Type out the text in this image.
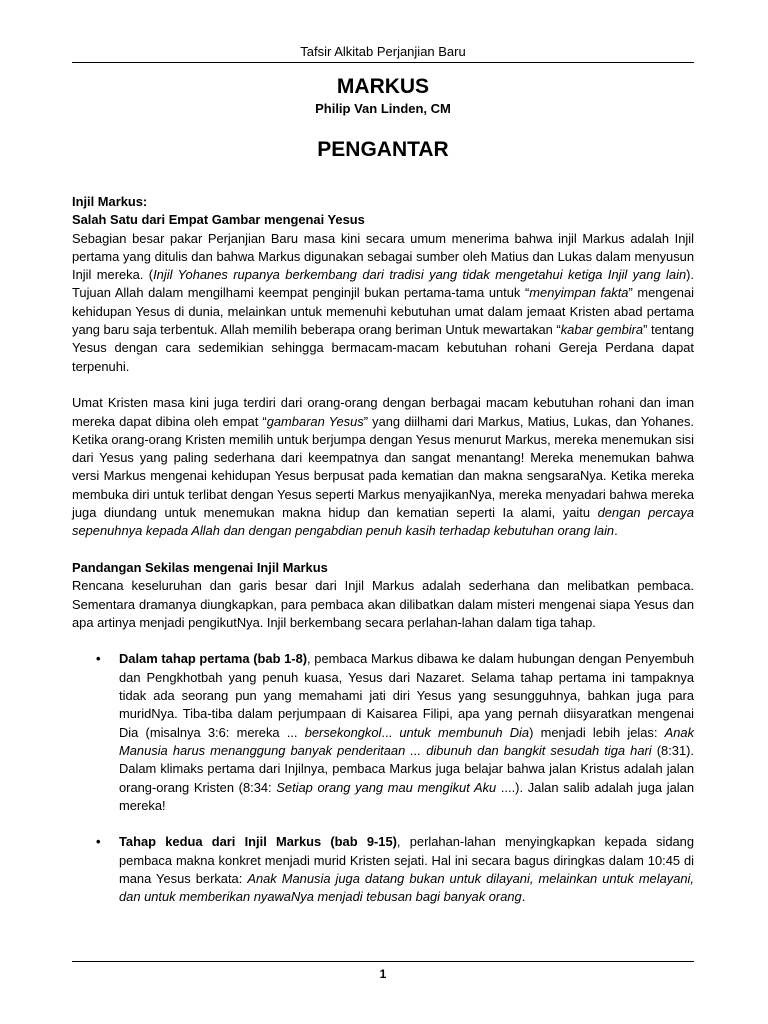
Tafsir Alkitab Perjanjian Baru
MARKUS
Philip Van Linden, CM
PENGANTAR

Injil Markus:

Salah Satu dari Empat Gambar mengenai Yesus

Sebagian besar pakar Perjanjian Baru masa kini secara umum menerima bahwa injil Markus adalah Injil pertama yang ditulis dan bahwa Markus digunakan sebagai sumber oleh Matius dan Lukas dalam menyusun Injil mereka. (Injil Yohanes rupanya berkembang dari tradisi yang tidak mengetahui ketiga Injil yang lain). Tujuan Allah dalam mengilhami keempat penginjil bukan pertama-tama untuk “menyimpan fakta” mengenai kehidupan Yesus di dunia, melainkan untuk memenuhi kebutuhan umat dalam jemaat Kristen abad pertama yang baru saja terbentuk. Allah memilih beberapa orang beriman Untuk mewartakan “kabar gembira” tentang Yesus dengan cara sedemikian sehingga bermacam-macam kebutuhan rohani Gereja Perdana dapat terpenuhi.

Umat Kristen masa kini juga terdiri dari orang-orang dengan berbagai macam kebutuhan rohani dan iman mereka dapat dibina oleh empat “gambaran Yesus” yang diilhami dari Markus, Matius, Lukas, dan Yohanes. Ketika orang-orang Kristen memilih untuk berjumpa dengan Yesus menurut Markus, mereka menemukan sisi dari Yesus yang paling sederhana dari keempatnya dan sangat menantang! Mereka menemukan bahwa versi Markus mengenai kehidupan Yesus berpusat pada kematian dan makna sengsaraNya. Ketika mereka membuka diri untuk terlibat dengan Yesus seperti Markus menyajikanNya, mereka menyadari bahwa mereka juga diundang untuk menemukan makna hidup dan kematian seperti Ia alami, yaitu dengan percaya sepenuhnya kepada Allah dan dengan pengabdian penuh kasih terhadap kebutuhan orang lain.

Pandangan Sekilas mengenai Injil Markus

Rencana keseluruhan dan garis besar dari Injil Markus adalah sederhana dan melibatkan pembaca. Sementara dramanya diungkapkan, para pembaca akan dilibatkan dalam misteri mengenai siapa Yesus dan apa artinya menjadi pengikutNya. Injil berkembang secara perlahan-lahan dalam tiga tahap.

• Dalam tahap pertama (bab 1-8), pembaca Markus dibawa ke dalam hubungan dengan Penyembuh dan Pengkhotbah yang penuh kuasa, Yesus dari Nazaret. Selama tahap pertama ini tampaknya tidak ada seorang pun yang memahami jati diri Yesus yang sesungguhnya, bahkan juga para muridNya. Tiba-tiba dalam perjumpaan di Kaisarea Filipi, apa yang pernah diisyaratkan mengenai Dia (misalnya 3:6: mereka ... bersekongkol... untuk membunuh Dia) menjadi lebih jelas: Anak Manusia harus menanggung banyak penderitaan ... dibunuh dan bangkit sesudah tiga hari (8:31). Dalam klimaks pertama dari Injilnya, pembaca Markus juga belajar bahwa jalan Kristus adalah jalan orang-orang Kristen (8:34: Setiap orang yang mau mengikut Aku ....). Jalan salib adalah juga jalan mereka!
• Tahap kedua dari Injil Markus (bab 9-15), perlahan-lahan menyingkapkan kepada sidang pembaca makna konkret menjadi murid Kristen sejati. Hal ini secara bagus diringkas dalam 10:45 di mana Yesus berkata: Anak Manusia juga datang bukan untuk dilayani, melainkan untuk melayani, dan untuk memberikan nyawaNya menjadi tebusan bagi banyak orang.
1
